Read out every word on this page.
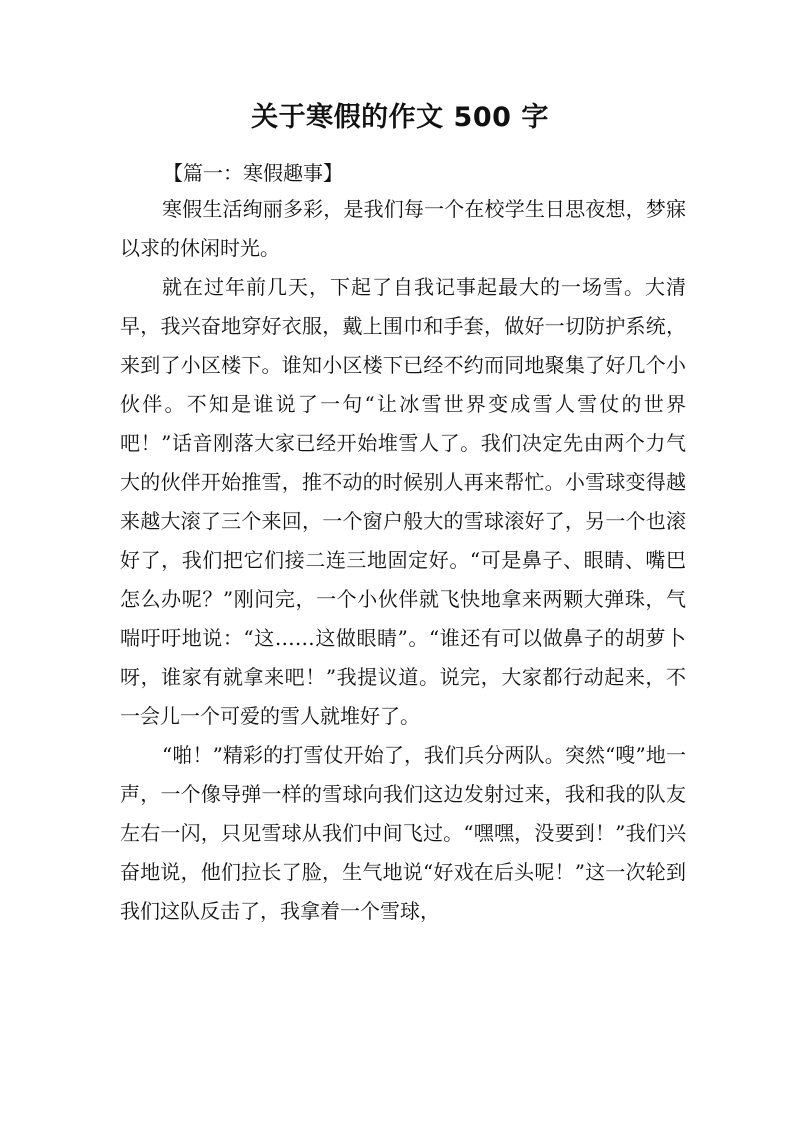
关于寒假的作文 500 字
【篇一：寒假趣事】

寒假生活绚丽多彩，是我们每一个在校学生日思夜想，梦寐以求的休闲时光。

就在过年前几天，下起了自我记事起最大的一场雪。大清早，我兴奋地穿好衣服，戴上围巾和手套，做好一切防护系统，来到了小区楼下。谁知小区楼下已经不约而同地聚集了好几个小伙伴。不知是谁说了一句“让冰雪世界变成雪人雪仗的世界吧！”话音刚落大家已经开始堆雪人了。我们决定先由两个力气大的伙伴开始推雪，推不动的时候别人再来帮忙。小雪球变得越来越大滚了三个来回，一个窗户般大的雪球滚好了，另一个也滚好了，我们把它们接二连三地固定好。“可是鼻子、眼睛、嘴巴怎么办呢？”刚问完，一个小伙伴就飞快地拿来两颗大弹珠，气喘吁吁地说：“这……这做眼睛”。“谁还有可以做鼻子的胡萝卜呀，谁家有就拿来吧！”我提议道。说完，大家都行动起来，不一会儿一个可爱的雪人就堆好了。

“啪！”精彩的打雪仗开始了，我们兵分两队。突然“嗖”地一声，一个像导弹一样的雪球向我们这边发射过来，我和我的队友左右一闪，只见雪球从我们中间飞过。“嘿嘿，没要到！”我们兴奋地说，他们拉长了脸，生气地说“好戏在后头呢！”这一次轮到我们这队反击了，我拿着一个雪球，
